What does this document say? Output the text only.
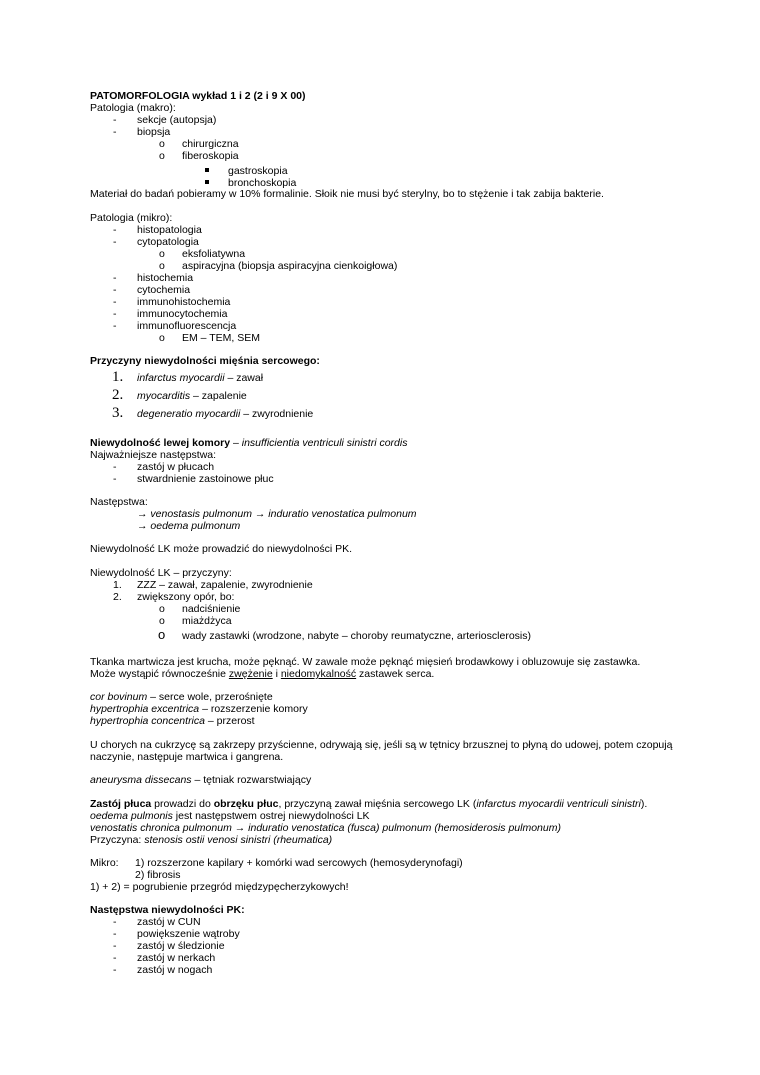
PATOMORFOLOGIA wykład 1 i 2 (2 i 9 X 00)
Patologia (makro):
- sekcje (autopsja)
- biopsja
o chirurgiczna
o fiberoskopia
gastroskopia
bronchoskopia
Materiał do badań pobieramy w 10% formalinie. Słoik nie musi być sterylny, bo to stężenie i tak zabija bakterie.
Patologia (mikro):
- histopatologia
- cytopatologia
o eksfoliatywna
o aspiracyjna (biopsja aspiracyjna cienkoigłowa)
- histochemia
- cytochemia
- immunohistochemia
- immunocytochemia
- immunofluorescencja
o EM – TEM, SEM
Przyczyny niewydolności mięśnia sercowego:
1. infarctus myocardii – zawał
2. myocarditis – zapalenie
3. degeneratio myocardii – zwyrodnienie
Niewydolność lewej komory – insufficientia ventriculi sinistri cordis
Najważniejsze następstwa:
- zastój w płucach
- stwardnienie zastoinowe płuc
Następstwa:
→ venostasis pulmonum → induratio venostatica pulmonum
→ oedema pulmonum
Niewydolność LK może prowadzić do niewydolności PK.
Niewydolność LK – przyczyny:
1. ZZZ – zawał, zapalenie, zwyrodnienie
2. zwiększony opór, bo:
o nadciśnienie
o miażdżyca
o wady zastawki (wrodzone, nabyte – choroby reumatyczne, arteriosclerosis)
Tkanka martwicza jest krucha, może pęknąć. W zawale może pęknąć mięsień brodawkowy i obluzowuje się zastawka.
Może wystąpić równocześnie zwężenie i niedomykalność zastawek serca.
cor bovinum – serce wole, przerośnięte
hypertrophia excentrica – rozszerzenie komory
hypertrophia concentrica – przerost
U chorych na cukrzycę są zakrzepy przyścienne, odrywają się, jeśli są w tętnicy brzusznej to płyną do udowej, potem czopują
naczynie, następuje martwica i gangrena.
aneurysma dissecans – tętniak rozwarstwiający
Zastój płuca prowadzi do obrzęku płuc, przyczyną zawał mięśnia sercowego LK (infarctus myocardii ventriculi sinistri).
oedema pulmonis jest następstwem ostrej niewydolności LK
venostatis chronica pulmonum → induratio venostatica (fusca) pulmonum (hemosiderosis pulmonum)
Przyczyna: stenosis ostii venosi sinistri (rheumatica)
Mikro: 1) rozszerzone kapilary + komórki wad sercowych (hemosyderynofagi)
2) fibrosis
1) + 2) = pogrubienie przegród międzypęcherzykowych!
Następstwa niewydolności PK:
- zastój w CUN
- powiększenie wątroby
- zastój w śledzionie
- zastój w nerkach
- zastój w nogach
